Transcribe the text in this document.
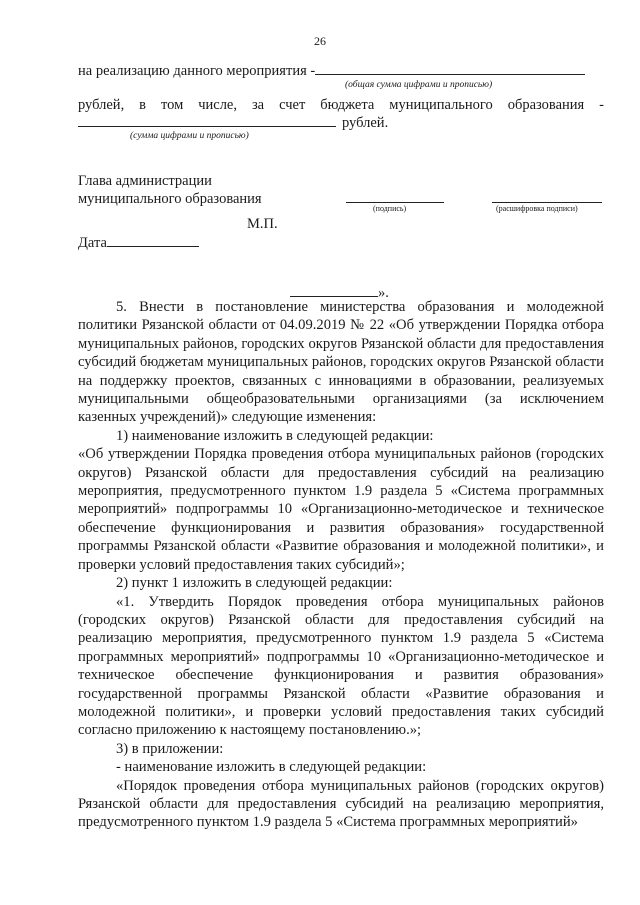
26
на реализацию данного мероприятия -
(общая сумма цифрами и прописью)
рублей, в том числе, за счет бюджета муниципального образования -
рублей.
(сумма цифрами и прописью)
Глава администрации
муниципального образования
(подпись)	(расшифровка подписи)
М.П.
Дата
».

5. Внести в постановление министерства образования и молодежной политики Рязанской области от 04.09.2019 № 22 «Об утверждении Порядка отбора муниципальных районов, городских округов Рязанской области для предоставления субсидий бюджетам муниципальных районов, городских округов Рязанской области на поддержку проектов, связанных с инновациями в образовании, реализуемых муниципальными общеобразовательными организациями (за исключением казенных учреждений)» следующие изменения:

1) наименование изложить в следующей редакции:

«Об утверждении Порядка проведения отбора муниципальных районов (городских округов) Рязанской области для предоставления субсидий на реализацию мероприятия, предусмотренного пунктом 1.9 раздела 5 «Система программных мероприятий» подпрограммы 10 «Организационно-методическое и техническое обеспечение функционирования и развития образования» государственной программы Рязанской области «Развитие образования и молодежной политики», и проверки условий предоставления таких субсидий»;

2) пункт 1 изложить в следующей редакции:

«1. Утвердить Порядок проведения отбора муниципальных районов (городских округов) Рязанской области для предоставления субсидий на реализацию мероприятия, предусмотренного пунктом 1.9 раздела 5 «Система программных мероприятий» подпрограммы 10 «Организационно-методическое и техническое обеспечение функционирования и развития образования» государственной программы Рязанской области «Развитие образования и молодежной политики», и проверки условий предоставления таких субсидий согласно приложению к настоящему постановлению.»;

3) в приложении:

- наименование изложить в следующей редакции:

«Порядок проведения отбора муниципальных районов (городских округов) Рязанской области для предоставления субсидий на реализацию мероприятия, предусмотренного пунктом 1.9 раздела 5 «Система программных мероприятий»
